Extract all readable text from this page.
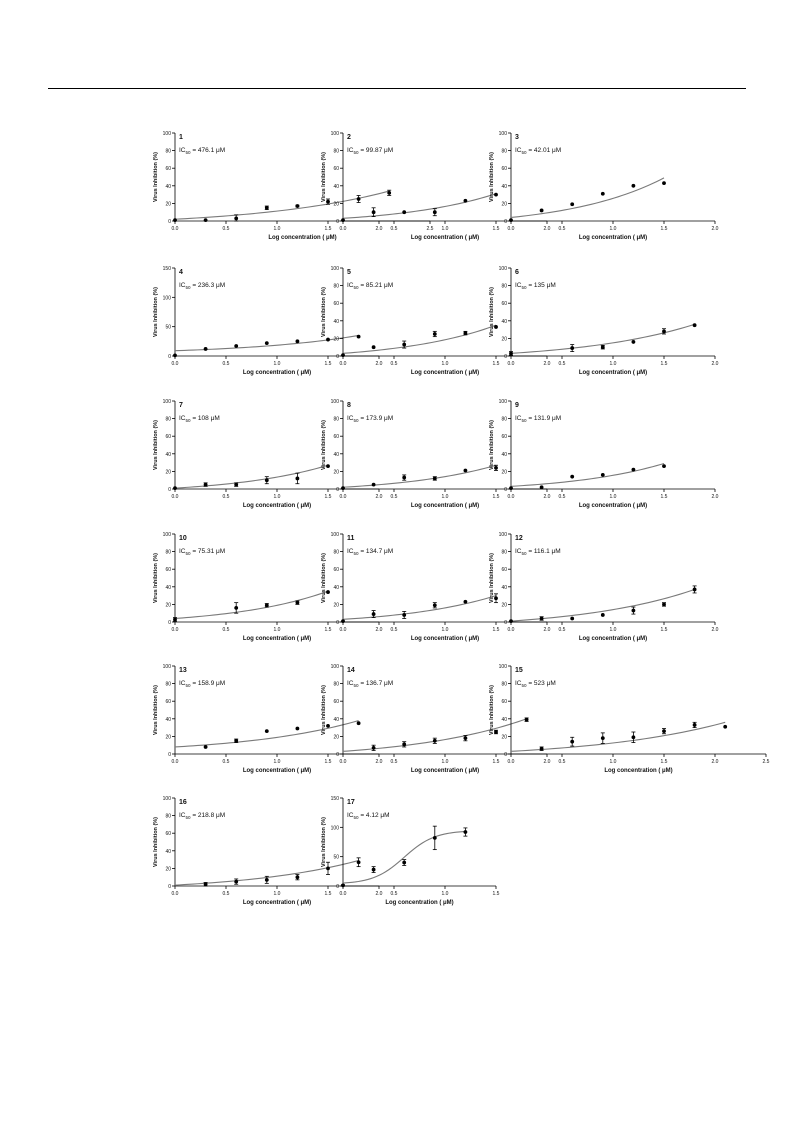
0
20
40
60
80
100
0.0	0.5	1.0	1.5	2.0	2.5
Log concentration ( μM)
Virus Inhibition (%)
1
$IC_{50} = 476.1$ μM
0
20
40
60
80
100
0.0	0.5	1.0	1.5	2.0
Log concentration ( μM)
Virus Inhibition (%)
2
$IC_{50} = 99.87$ μM
0
20
40
60
80
100
0.0	0.5	1.0	1.5	2.0
Log concentration ( μM)
Virus Inhibition (%)
3
$IC_{50} = 42.01$ μM
0
50
100
150
0.0	0.5	1.0	1.5	2.0
Log concentration ( μM)
Virus Inhibition (%)
4
$IC_{50} = 236.3$ μM
0
20
40
60
80
100
0.0	0.5	1.0	1.5	2.0
Log concentration ( μM)
Virus Inhibition (%)
5
$IC_{50} = 85.21$ μM
0
20
40
60
80
100
0.0	0.5	1.0	1.5	2.0
Log concentration ( μM)
Virus Inhibition (%)
6
$IC_{50} = 135$ μM
0
20
40
60
80
100
0.0	0.5	1.0	1.5	2.0
Log concentration ( μM)
Virus Inhibition (%)
7
$IC_{50} = 108$ μM
0
20
40
60
80
100
0.0	0.5	1.0	1.5	2.0
Log concentration ( μM)
Virus Inhibition (%)
8
$IC_{50} = 173.9$ μM
0
20
40
60
80
100
0.0	0.5	1.0	1.5	2.0
Log concentration ( μM)
Virus Inhibition (%)
9
$IC_{50} = 131.9$ μM
0
20
40
60
80
100
0.0	0.5	1.0	1.5	2.0
Log concentration ( μM)
Virus Inhibition (%)
10
$IC_{50} = 75.31$ μM
0
20
40
60
80
100
0.0	0.5	1.0	1.5	2.0
Log concentration ( μM)
Virus Inhibition (%)
11
$IC_{50} = 134.7$ μM
0
20
40
60
80
100
0.0	0.5	1.0	1.5	2.0
Log concentration ( μM)
Virus Inhibition (%)
12
$IC_{50} = 116.1$ μM
0
20
40
60
80
100
0.0	0.5	1.0	1.5	2.0
Log concentration ( μM)
Virus Inhibition (%)
13
$IC_{50} = 158.9$ μM
0
20
40
60
80
100
0.0	0.5	1.0	1.5	2.0
Log concentration ( μM)
Virus Inhibition (%)
14
$IC_{50} = 136.7$ μM
0
20
40
60
80
100
0.0	0.5	1.0	1.5	2.0	2.5
Log concentration ( μM)
Virus Inhibition (%)
15
$IC_{50} = 523$ μM
0
20
40
60
80
100
0.0	0.5	1.0	1.5	2.0
Log concentration ( μM)
Virus Inhibition (%)
16
$IC_{50} = 218.8$ μM
0
50
100
150
0.0	0.5	1.0	1.5
Log concentration ( μM)
Virus Inhibition (%)
17
$IC_{50} = 4.12$ μM
